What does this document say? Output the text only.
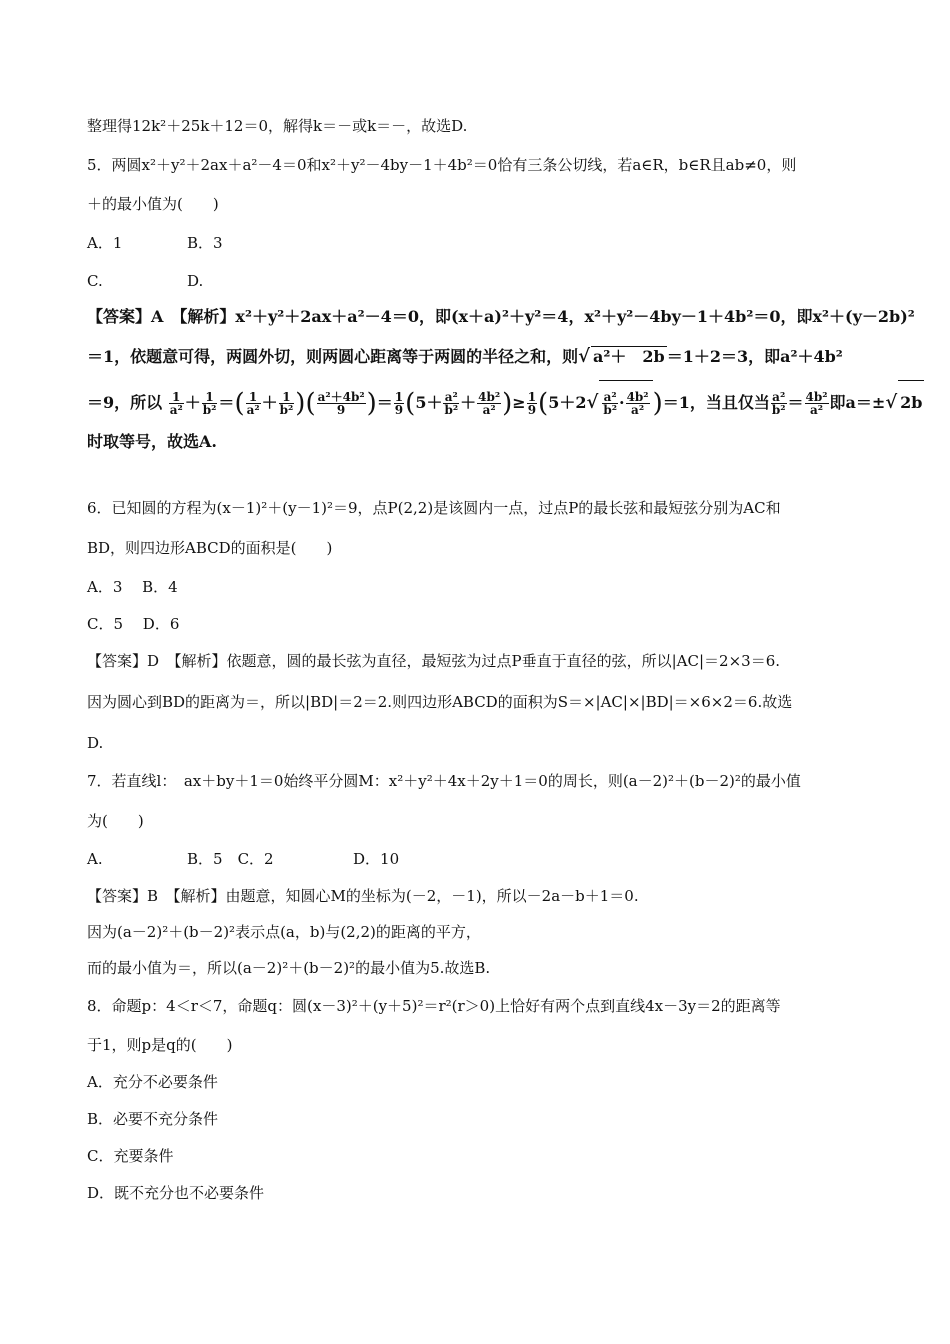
整理得12k²＋25k＋12＝0，解得k＝－或k＝－，故选D.
5．两圆x²＋y²＋2ax＋a²－4＝0和x²＋y²－4by－1＋4b²＝0恰有三条公切线，若a∈R，b∈R且ab≠0，则
＋的最小值为(　　)
A．1	B．3
C.	D.
【答案】A　【解析】x²＋y²＋2ax＋a²－4＝0，即(x＋a)²＋y²＝4，x²＋y²－4by－1＋4b²＝0，即x²＋(y－2b)²
＝1，依题意可得，两圆外切，则两圆心距离等于两圆的半径之和，则√ a²＋　2b ＝1＋2＝3，即a²＋4b²
＝9，所以 $\frac{1}{\text{a²}} + \frac{1}{\text{b²}}$ ＝( $\frac{1}{\text{a²}} + \frac{1}{\text{b²}}$ )( $\frac{\text{a²＋4b²}}{9}$ )＝ $\frac{1}{9} (5+ \frac{\text{a²}}{\text{b²}} + \frac{\text{4b²}}{\text{a²}}$ )≥ $\frac{1}{9} (5+2√ \frac{\text{a²}}{\text{b²}} \cdot \frac{\text{4b²}}{\text{a²}} )=1$，当且仅当 $\frac{\text{a²}}{\text{b²}} = \frac{\text{4b²}}{\text{a²}}$ 即a＝±√ 2b
时取等号，故选A.
6．已知圆的方程为(x－1)²＋(y－1)²＝9，点P(2,2)是该圆内一点，过点P的最长弦和最短弦分别为AC和
BD，则四边形ABCD的面积是(　　)
A．3　 B．4
C．5　 D．6
【答案】D　【解析】依题意，圆的最长弦为直径，最短弦为过点P垂直于直径的弦，所以|AC|＝2×3＝6.
因为圆心到BD的距离为＝，所以|BD|＝2＝2.则四边形ABCD的面积为S＝×|AC|×|BD|＝×6×2＝6.故选
D.
7．若直线l：　ax＋by＋1＝0始终平分圆M：x²＋y²＋4x＋2y＋1＝0的周长，则(a－2)²＋(b－2)²的最小值
为(　　)
A.	B．5　C．2	D．10
【答案】B　【解析】由题意，知圆心M的坐标为(－2，－1)，所以－2a－b＋1＝0.
因为(a－2)²＋(b－2)²表示点(a，b)与(2,2)的距离的平方，
而的最小值为＝，所以(a－2)²＋(b－2)²的最小值为5.故选B.
8．命题p：4＜r＜7，命题q：圆(x－3)²＋(y＋5)²＝r²(r＞0)上恰好有两个点到直线4x－3y＝2的距离等
于1，则p是q的(　　)
A．充分不必要条件
B．必要不充分条件
C．充要条件
D．既不充分也不必要条件
